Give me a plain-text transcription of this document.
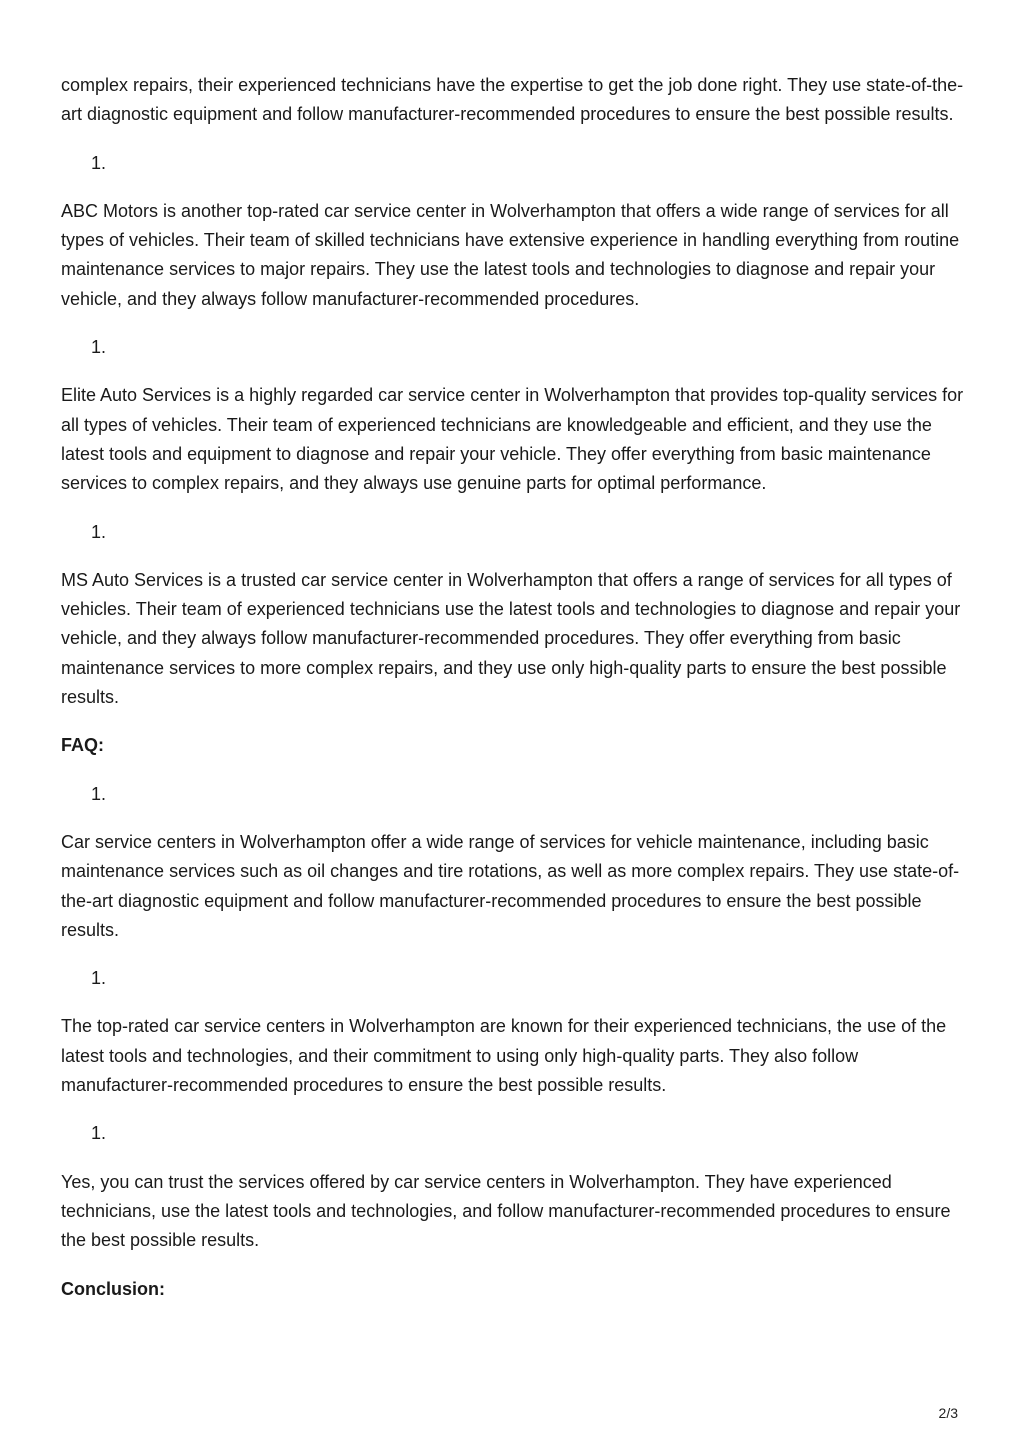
complex repairs, their experienced technicians have the expertise to get the job done right. They use state-of-the-art diagnostic equipment and follow manufacturer-recommended procedures to ensure the best possible results.

1.

ABC Motors is another top-rated car service center in Wolverhampton that offers a wide range of services for all types of vehicles. Their team of skilled technicians have extensive experience in handling everything from routine maintenance services to major repairs. They use the latest tools and technologies to diagnose and repair your vehicle, and they always follow manufacturer-recommended procedures.

1.

Elite Auto Services is a highly regarded car service center in Wolverhampton that provides top-quality services for all types of vehicles. Their team of experienced technicians are knowledgeable and efficient, and they use the latest tools and equipment to diagnose and repair your vehicle. They offer everything from basic maintenance services to complex repairs, and they always use genuine parts for optimal performance.

1.

MS Auto Services is a trusted car service center in Wolverhampton that offers a range of services for all types of vehicles. Their team of experienced technicians use the latest tools and technologies to diagnose and repair your vehicle, and they always follow manufacturer-recommended procedures. They offer everything from basic maintenance services to more complex repairs, and they use only high-quality parts to ensure the best possible results.

FAQ:
1.

Car service centers in Wolverhampton offer a wide range of services for vehicle maintenance, including basic maintenance services such as oil changes and tire rotations, as well as more complex repairs. They use state-of-the-art diagnostic equipment and follow manufacturer-recommended procedures to ensure the best possible results.

1.

The top-rated car service centers in Wolverhampton are known for their experienced technicians, the use of the latest tools and technologies, and their commitment to using only high-quality parts. They also follow manufacturer-recommended procedures to ensure the best possible results.

1.

Yes, you can trust the services offered by car service centers in Wolverhampton. They have experienced technicians, use the latest tools and technologies, and follow manufacturer-recommended procedures to ensure the best possible results.

Conclusion:
2/3
